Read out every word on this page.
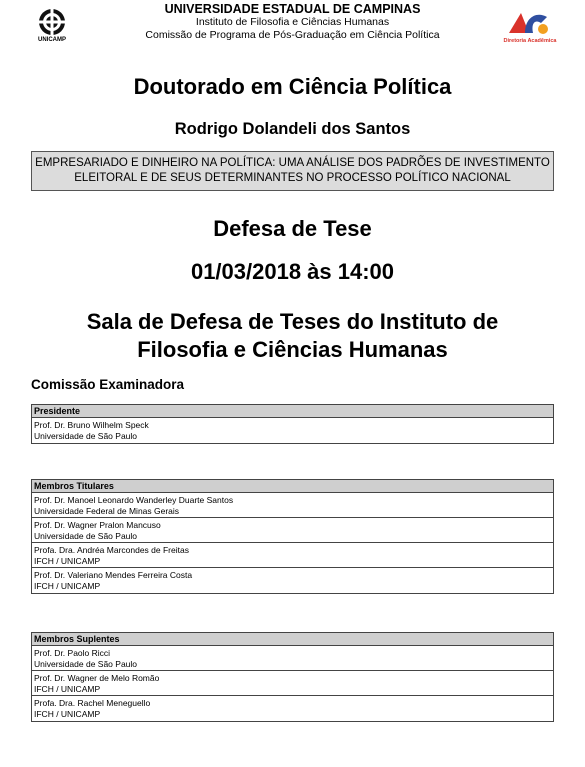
UNICAMP
UNIVERSIDADE ESTADUAL DE CAMPINAS
Instituto de Filosofia e Ciências Humanas
Comissão de Programa de Pós-Graduação em Ciência Política	Diretoria Acadêmica
Doutorado em Ciência Política
Rodrigo Dolandeli dos Santos
EMPRESARIADO E DINHEIRO NA POLÍTICA: UMA ANÁLISE DOS PADRÕES DE INVESTIMENTO
ELEITORAL E DE SEUS DETERMINANTES NO PROCESSO POLÍTICO NACIONAL
Defesa de Tese
01/03/2018 às 14:00
Sala de Defesa de Teses do Instituto de
Filosofia e Ciências Humanas
Comissão Examinadora
Presidente
Prof. Dr. Bruno Wilhelm Speck
Universidade de São Paulo
Membros Titulares
Prof. Dr. Manoel Leonardo Wanderley Duarte Santos
Universidade Federal de Minas Gerais
Prof. Dr. Wagner Pralon Mancuso
Universidade de São Paulo
Profa. Dra. Andréa Marcondes de Freitas
IFCH / UNICAMP
Prof. Dr. Valeriano Mendes Ferreira Costa
IFCH / UNICAMP
Membros Suplentes
Prof. Dr. Paolo Ricci
Universidade de São Paulo
Prof. Dr. Wagner de Melo Romão
IFCH / UNICAMP
Profa. Dra. Rachel Meneguello
IFCH / UNICAMP
